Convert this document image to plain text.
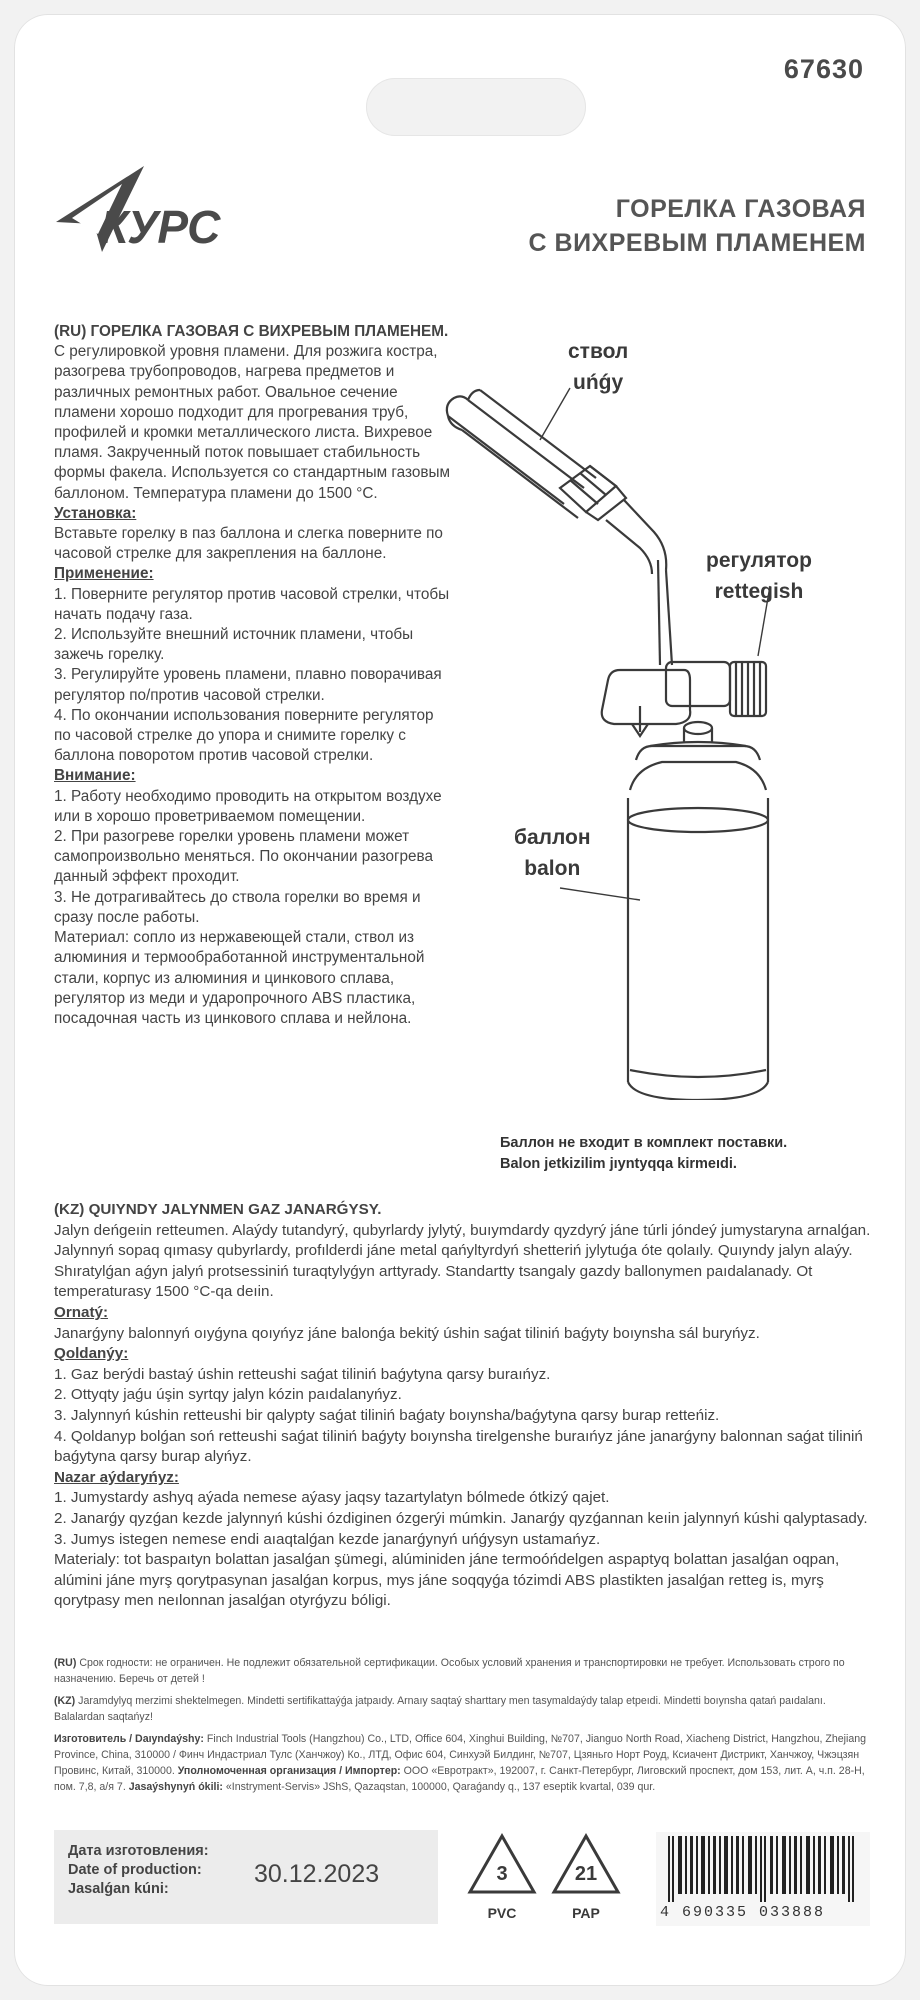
67630
КУРС	ГОРЕЛКА ГАЗОВАЯ
С ВИХРЕВЫМ ПЛАМЕНЕМ

(RU) ГОРЕЛКА ГАЗОВАЯ С ВИХРЕВЫМ ПЛАМЕНЕМ.

С регулировкой уровня пламени. Для розжига костра, разогрева трубопроводов, нагрева предметов и различных ремонтных работ. Овальное сечение пламени хорошо подходит для прогревания труб, профилей и кромки металлического листа. Вихревое пламя. Закрученный поток повышает стабильность формы факела. Используется со стандартным газовым баллоном. Температура пламени до 1500 °C.

Установка:

Вставьте горелку в паз баллона и слегка поверните по часовой стрелке для закрепления на баллоне.

Применение:

1. Поверните регулятор против часовой стрелки, чтобы начать подачу газа.

2. Используйте внешний источник пламени, чтобы зажечь горелку.

3. Регулируйте уровень пламени, плавно поворачивая регулятор по/против часовой стрелки.

4. По окончании использования поверните регулятор по часовой стрелке до упора и снимите горелку с баллона поворотом против часовой стрелки.

Внимание:

1. Работу необходимо проводить на открытом воздухе или в хорошо проветриваемом помещении.

2. При разогреве горелки уровень пламени может самопроизвольно меняться. По окончании разогрева данный эффект проходит.

3. Не дотрагивайтесь до ствола горелки во время и сразу после работы.

Материал: сопло из нержавеющей стали, ствол из алюминия и термообработанной инструментальной стали, корпус из алюминия и цинкового сплава, регулятор из меди и ударопрочного ABS пластика, посадочная часть из цинкового сплава и нейлона.

ствол
uńǵy
регулятор
rettegish
баллон
balon
Баллон не входит в комплект поставки.
Balon jetkizilim jıyntyqqa kirmeıdi.

(KZ) QUIYNDY JALYNMEN GAZ JANARǴYSY.

Jalyn deńgeıin retteumen. Alaýdy tutandyrý, qubyrlardy jylytý, buıymdardy qyzdyrý jáne túrli jóndeý jumystaryna arnalǵan. Jalynnyń sopaq qımasy qubyrlardy, profılderdi jáne metal qańyltyrdyń shetteriń jylytuǵa óte qolaıly. Quıyndy jalyn alaýy. Shıratylǵan aǵyn jalyń protsessiniń turaqtylyǵyn arttyrady. Standartty tsangaly gazdy ballonymen paıdalanady. Ot temperaturasy 1500 °C-qa deıin.

Ornatý:

Janarǵyny balonnyń oıyǵyna qoıyńyz jáne balonǵa bekitý úshin saǵat tiliniń baǵyty boıynsha sál buryńyz.

Qoldanýy:

1. Gaz berýdi bastaý úshin retteushi saǵat tiliniń baǵytyna qarsy buraıńyz.

2. Ottyqty jaǵu úşin syrtqy jalyn kózin paıdalanyńyz.

3. Jalynnyń kúshin retteushi bir qalypty saǵat tiliniń baǵaty boıynsha/baǵytyna qarsy burap retteńiz.

4. Qoldanyp bolǵan soń retteushi saǵat tiliniń baǵyty boıynsha tirelgenshe buraıńyz jáne janarǵyny balonnan saǵat tiliniń baǵytyna qarsy burap alyńyz.

Nazar aýdaryńyz:

1. Jumystardy ashyq aýada nemese aýasy jaqsy tazartylatyn bólmede ótkizý qajet.

2. Janarǵy qyzǵan kezde jalynnyń kúshi ózdiginen ózgerýi múmkin. Janarǵy qyzǵannan keıin jalynnyń kúshi qalyptasady.

3. Jumys istegen nemese endi aıaqtalǵan kezde janarǵynyń uńǵysyn ustamańyz.

Materialy: tot baspaıtyn bolattan jasalǵan şümegi, alúminiden jáne termoóńdelgen aspaptyq bolattan jasalǵan oqpan, alúmini jáne myrş qorytpasynan jasalǵan korpus, mys jáne soqqyǵa tózimdi ABS plastikten jasalǵan retteg is, myrş qorytpasy men neılonnan jasalǵan otyrǵyzu bóligi.

(RU) Срок годности: не ограничен. Не подлежит обязательной сертификации. Особых условий хранения и транспортировки не требует. Использовать строго по назначению. Беречь от детей !

(KZ) Jaramdylyq merzimi shektelmegen. Mindetti sertifikattaýǵa jatpaıdy. Arnaıy saqtaý sharttary men tasymaldaýdy talap etpeıdi. Mindetti boıynsha qatań paıdalanı. Balalardan saqtańyz!

Изготовитель / Daıyndaýshy: Finch Industrial Tools (Hangzhou) Co., LTD, Office 604, Xinghui Building, №707, Jianguo North Road, Xiacheng District, Hangzhou, Zhejiang Province, China, 310000 / Финч Индастриал Тулс (Ханчжоу) Ко., ЛТД, Офис 604, Синхуэй Билдинг, №707, Цзяньго Норт Роуд, Ксиачент Дистрикт, Ханчжоу, Чжэцзян Провинс, Китай, 310000. Уполномоченная организация / Импортер: ООО «Евротракт», 192007, г. Санкт-Петербург, Лиговский проспект, дом 153, лит. А, ч.п. 28-Н, пом. 7,8, а/я 7. Jasaýshynyń ókili: «Instryment-Servis» JShS, Qazaqstan, 100000, Qaraǵandy q., 137 eseptik kvartal, 039 qur.

Дата изготовления:
Date of production:
Jasalǵan kúni:
30.12.2023	3
PVC
21
PAP	4 690335 033888
